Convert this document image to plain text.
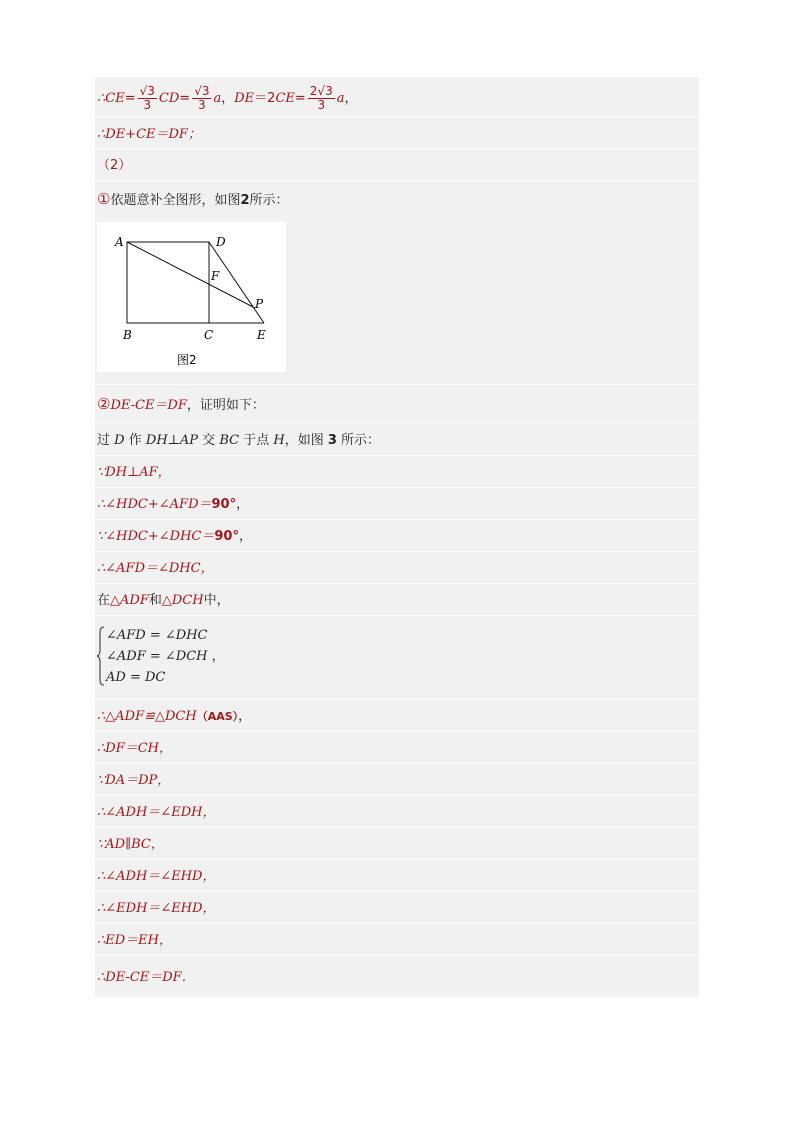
∴CE= $\frac{√3}{3} CD= \frac{√3}{3}$ a，$DE=2CE= \frac{2√3}{3}$ a，
∴DE+CE＝DF；
（2）
①依题意补全图形，如图2所示：
A	D
F
P
B	C	E
图2
②DE-CE＝DF，证明如下：
过 D 作 DH⊥AP 交 BC 于点 H，如图 3 所示：
∵DH⊥AF，
∴∠HDC+∠AFD＝90°，
∵∠HDC+∠DHC＝90°，
∴∠AFD＝∠DHC，
在△ADF和△DCH中，
∠AFD = ∠DHC
∠ADF = ∠DCH ，
AD = DC
∴△ADF≌△DCH（AAS），
∴DF＝CH，
∵DA＝DP，
∴∠ADH＝∠EDH，
∵AD∥BC，
∴∠ADH＝∠EHD，
∴∠EDH＝∠EHD，
∴ED＝EH，
∴DE-CE＝DF．
